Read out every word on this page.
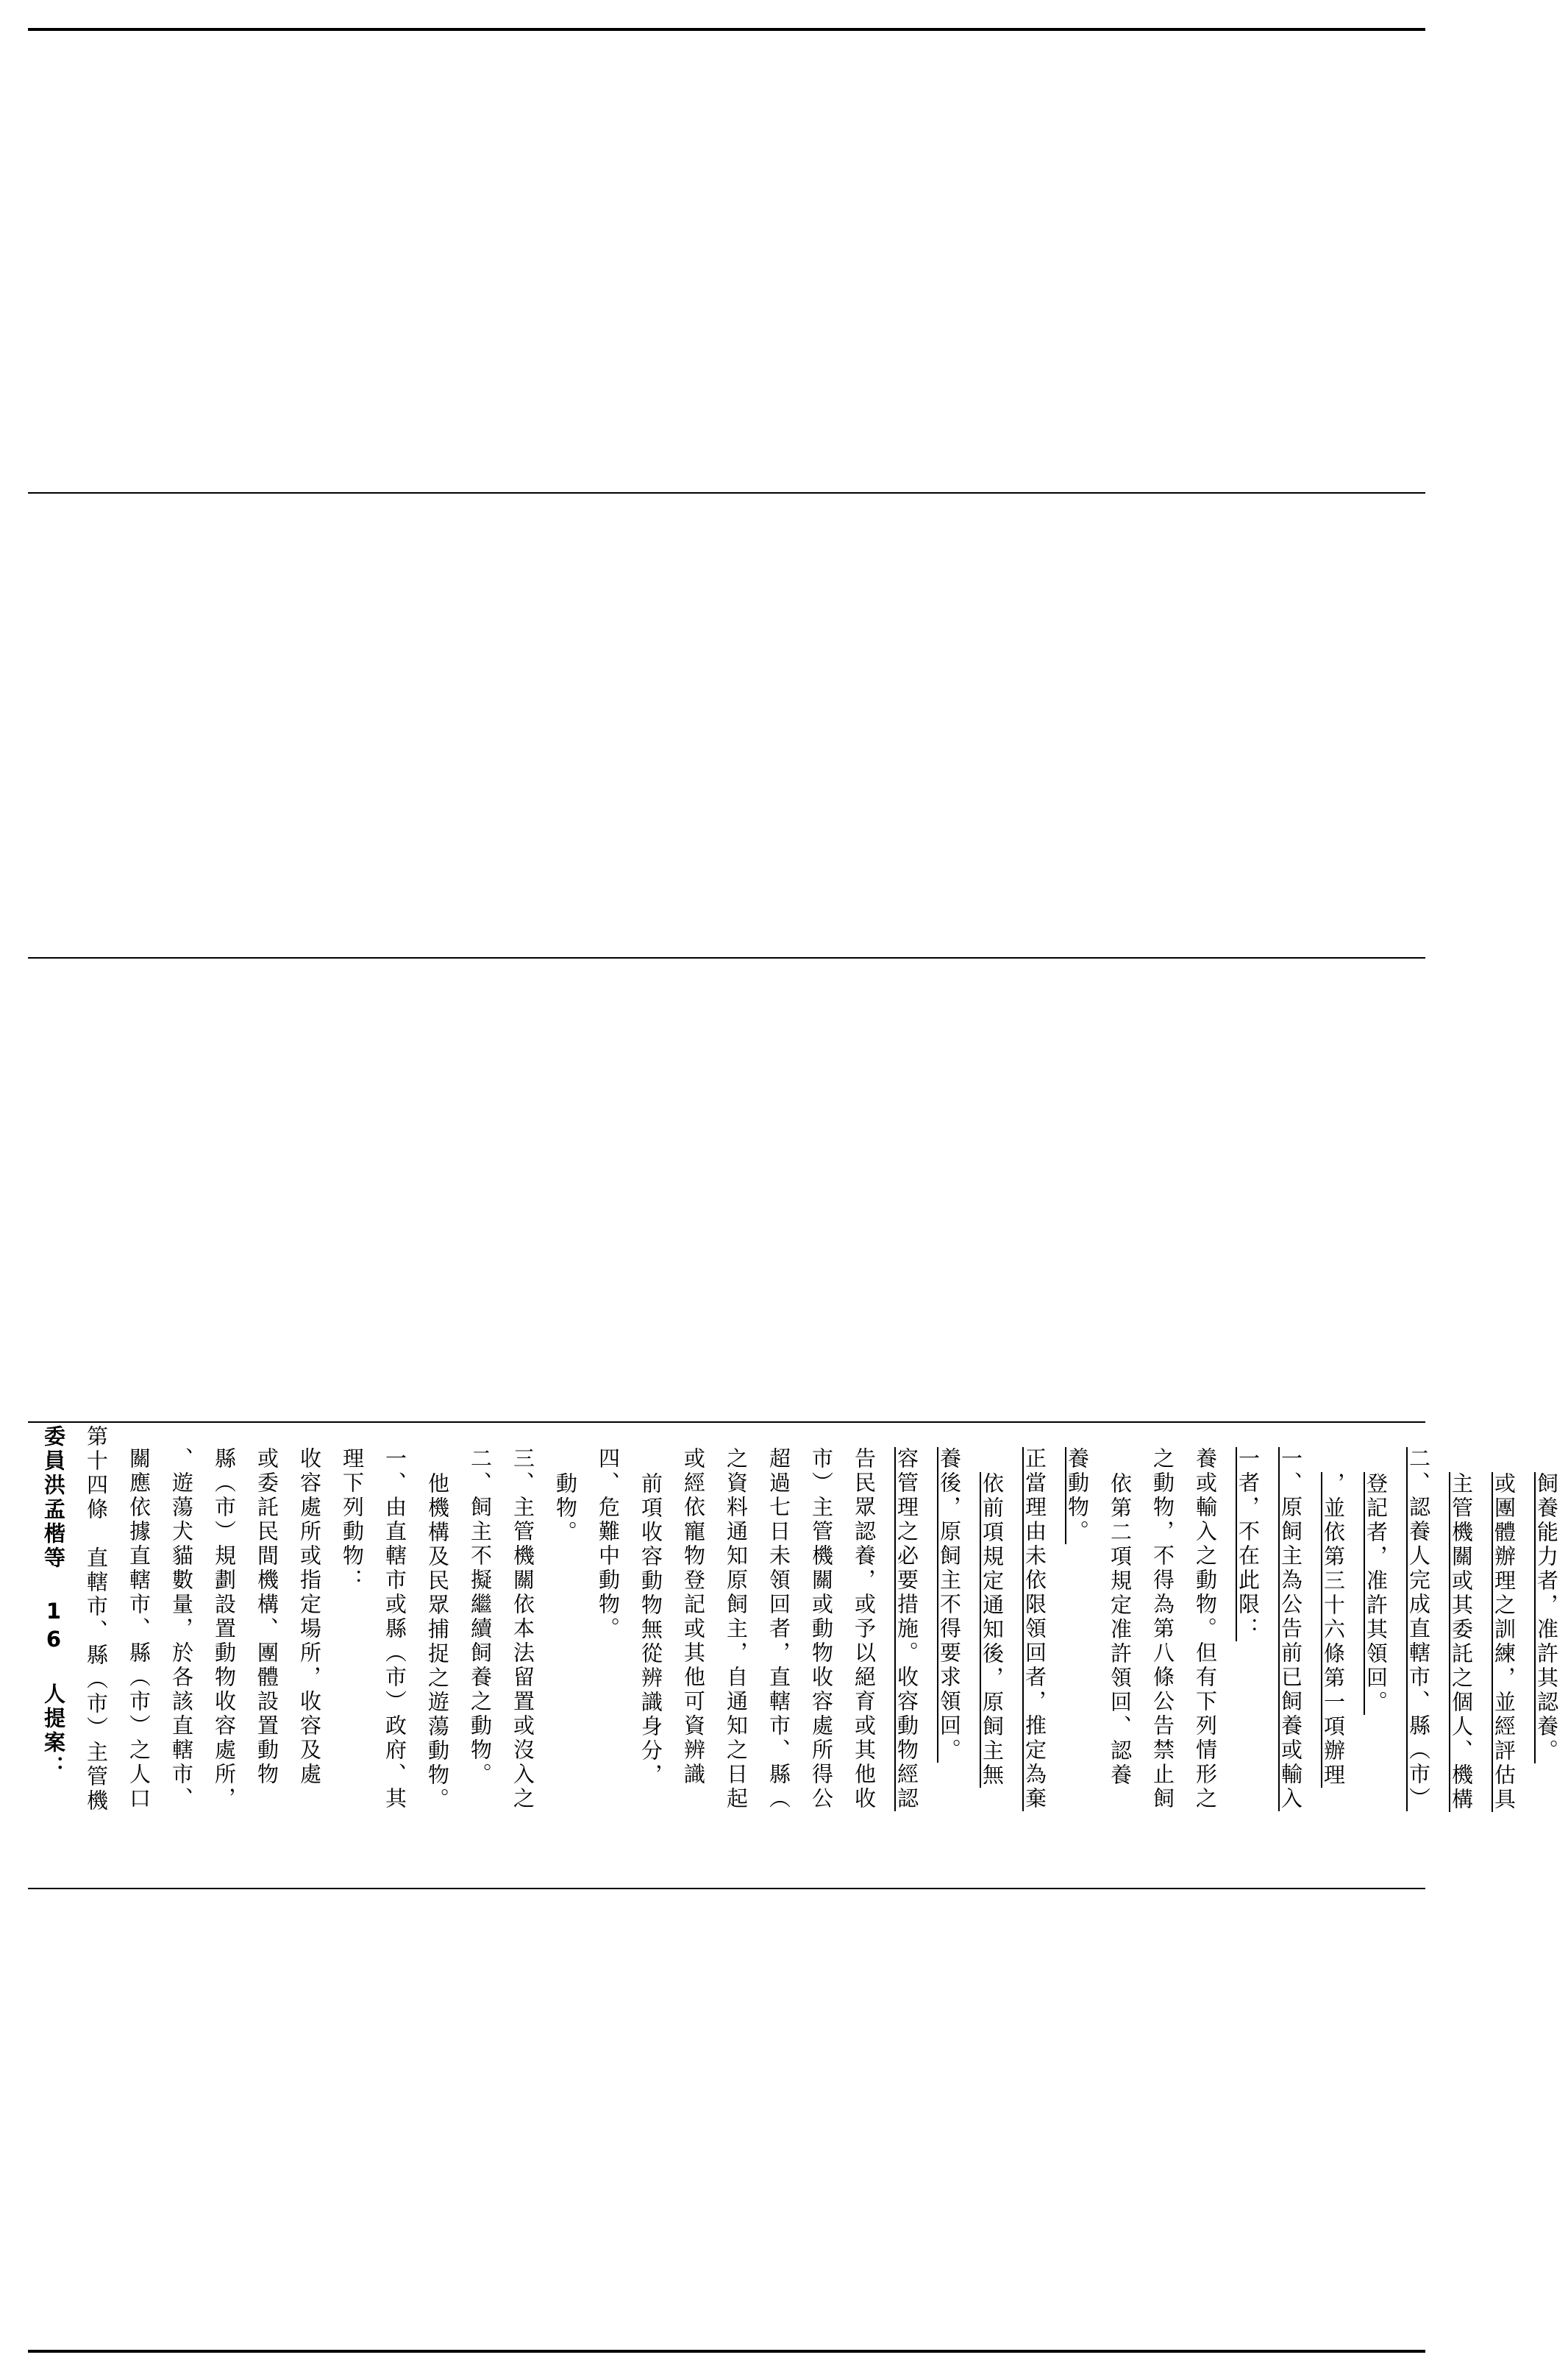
委員洪孟楷等 16 人提案： 第十四條　直轄市、縣（市）主管機 關應依據直轄市、縣（市）之人口 、遊蕩犬貓數量，於各該直轄市、 縣（市）規劃設置動物收容處所， 或委託民間機構、團體設置動物 收容處所或指定場所，收容及處 理下列動物： 一、由直轄市或縣（市）政府、其 他機構及民眾捕捉之遊蕩動物。 二、飼主不擬繼續飼養之動物。 三、主管機關依本法留置或沒入之 動物。 四、危難中動物。 前項收容動物無從辨識身分， 或經依寵物登記或其他可資辨識 之資料通知原飼主，自通知之日起 超過七日未領回者，直轄市、縣（ 市）主管機關或動物收容處所得公 告民眾認養，或予以絕育或其他收 容管理之必要措施。收容動物經認 養後，原飼主不得要求領回。 依前項規定通知後，原飼主無 正當理由未依限領回者，推定為棄 養動物。 依第二項規定准許領回、認養 之動物，不得為第八條公告禁止飼 養或輸入之動物。但有下列情形之 一者，不在此限： 一、原飼主為公告前已飼養或輸入 ，並依第三十六條第一項辦理 登記者，准許其領回。 二、認養人完成直轄市、縣（市） 主管機關或其委託之個人、機構 或團體辦理之訓練，並經評估具 飼養能力者，准許其認養。
